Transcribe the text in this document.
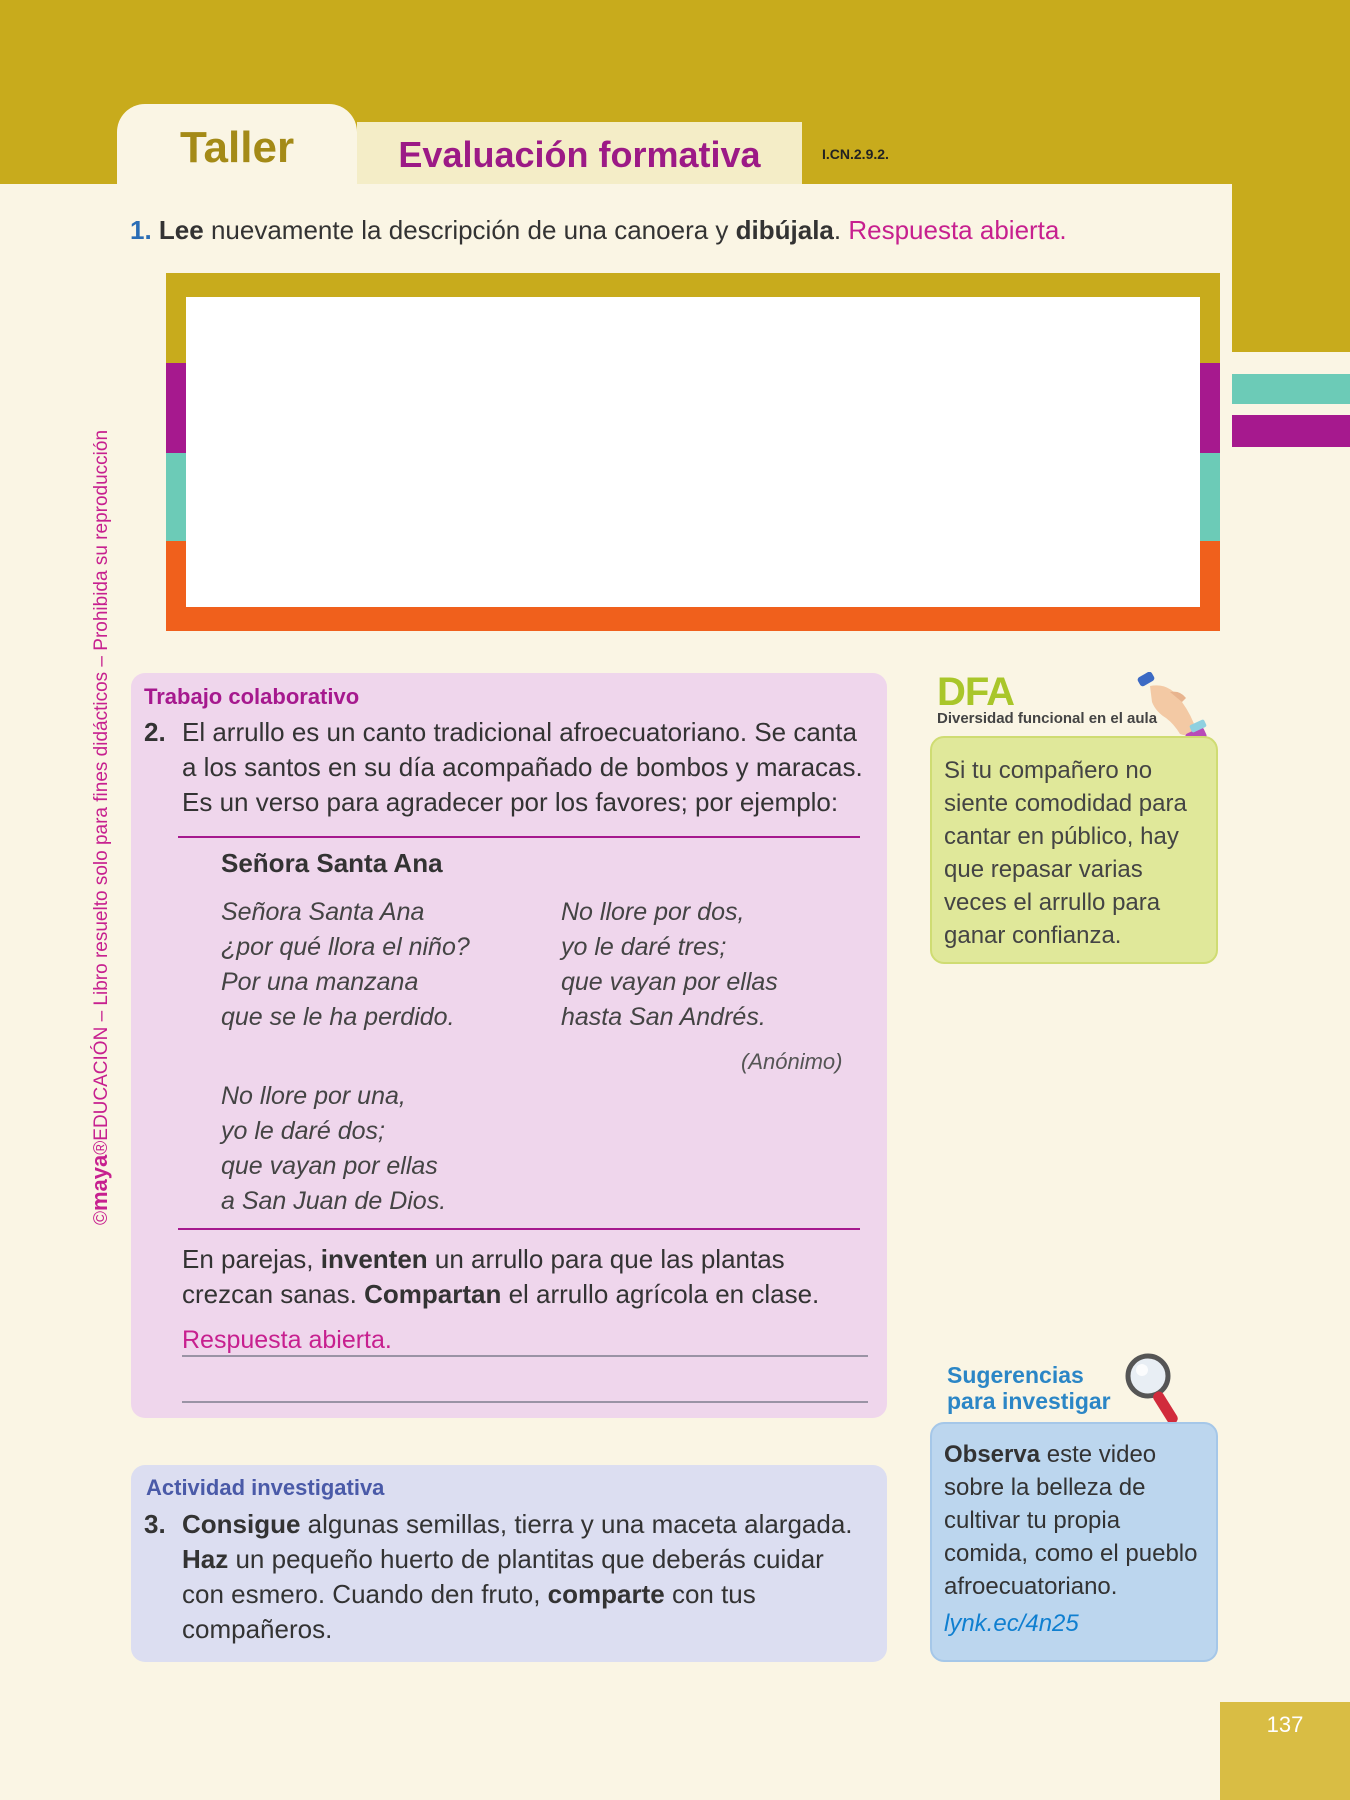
Taller	Evaluación formativa	I.CN.2.9.2.
1. Lee nuevamente la descripción de una canoera y dibújala. Respuesta abierta.
©maya®EDUCACIÓN – Libro resuelto solo para fines didácticos – Prohibida su reproducción Trabajo colaborativo
2. El arrullo es un canto tradicional afroecuatoriano. Se canta a los santos en su día acompañado de bombos y maracas. Es un verso para agradecer por los favores; por ejemplo:
Señora Santa Ana
Señora Santa Ana
¿por qué llora el niño?
Por una manzana
que se le ha perdido.
No llore por dos,
yo le daré tres;
que vayan por ellas
hasta San Andrés.
(Anónimo)
No llore por una,
yo le daré dos;
que vayan por ellas
a San Juan de Dios.
En parejas, inventen un arrullo para que las plantas crezcan sanas. Compartan el arrullo agrícola en clase.
Respuesta abierta.
Actividad investigativa
3. Consigue algunas semillas, tierra y una maceta alargada. Haz un pequeño huerto de plantitas que deberás cuidar con esmero. Cuando den fruto, comparte con tus compañeros.
DFA
Diversidad funcional en el aula
Si tu compañero no siente comodidad para cantar en público, hay que repasar varias veces el arrullo para ganar confianza.
Sugerencias
para investigar
Observa este video sobre la belleza de cultivar tu propia comida, como el pueblo afroecuatoriano.
lynk.ec/4n25
137
